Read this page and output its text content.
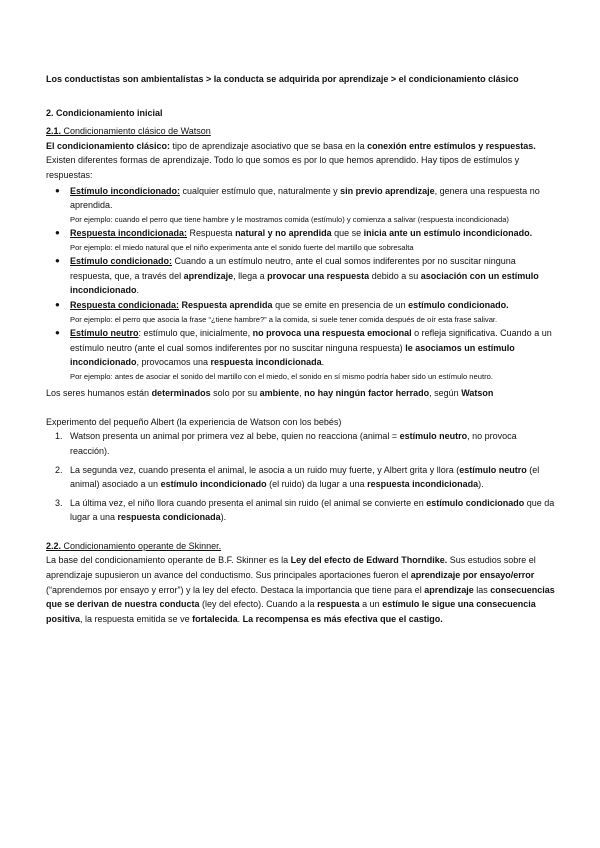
Los conductistas son ambientalistas > la conducta se adquirida por aprendizaje > el condicionamiento clásico

2. Condicionamiento inicial

2.1. Condicionamiento clásico de Watson

El condicionamiento clásico: tipo de aprendizaje asociativo que se basa en la conexión entre estímulos y respuestas. Existen diferentes formas de aprendizaje. Todo lo que somos es por lo que hemos aprendido. Hay tipos de estímulos y respuestas:

● Estímulo incondicionado: cualquier estímulo que, naturalmente y sin previo aprendizaje, genera una respuesta no aprendida.

Por ejemplo: cuando el perro que tiene hambre y le mostramos comida (estímulo) y comienza a salivar (respuesta incondicionada)

● Respuesta incondicionada: Respuesta natural y no aprendida que se inicia ante un estímulo incondicionado.

Por ejemplo: el miedo natural que el niño experimenta ante el sonido fuerte del martillo que sobresalta

● Estímulo condicionado: Cuando a un estímulo neutro, ante el cual somos indiferentes por no suscitar ninguna respuesta, que, a través del aprendizaje, llega a provocar una respuesta debido a su asociación con un estímulo incondicionado.
● Respuesta condicionada: Respuesta aprendida que se emite en presencia de un estímulo condicionado.

Por ejemplo: el perro que asocia la frase “¿tiene hambre?” a la comida, si suele tener comida después de oír esta frase salivar.

● Estímulo neutro: estímulo que, inicialmente, no provoca una respuesta emocional o refleja significativa. Cuando a un estímulo neutro (ante el cual somos indiferentes por no suscitar ninguna respuesta) le asociamos un estímulo incondicionado, provocamos una respuesta incondicionada.

Por ejemplo: antes de asociar el sonido del martillo con el miedo, el sonido en sí mismo podría haber sido un estímulo neutro.

Los seres humanos están determinados solo por su ambiente, no hay ningún factor herrado, según Watson

Experimento del pequeño Albert (la experiencia de Watson con los bebés)

1. Watson presenta un animal por primera vez al bebe, quien no reacciona (animal = estímulo neutro, no provoca reacción).
2. La segunda vez, cuando presenta el animal, le asocia a un ruido muy fuerte, y Albert grita y llora (estímulo neutro (el animal) asociado a un estímulo incondicionado (el ruido) da lugar a una respuesta incondicionada).
3. La última vez, el niño llora cuando presenta el animal sin ruido (el animal se convierte en estímulo condicionado que da lugar a una respuesta condicionada).

2.2. Condicionamiento operante de Skinner.

La base del condicionamiento operante de B.F. Skinner es la Ley del efecto de Edward Thorndike. Sus estudios sobre el aprendizaje supusieron un avance del conductismo. Sus principales aportaciones fueron el aprendizaje por ensayo/error (“aprendemos por ensayo y error”) y la ley del efecto. Destaca la importancia que tiene para el aprendizaje las consecuencias que se derivan de nuestra conducta (ley del efecto). Cuando a la respuesta a un estímulo le sigue una consecuencia positiva, la respuesta emitida se ve fortalecida. La recompensa es más efectiva que el castigo.
